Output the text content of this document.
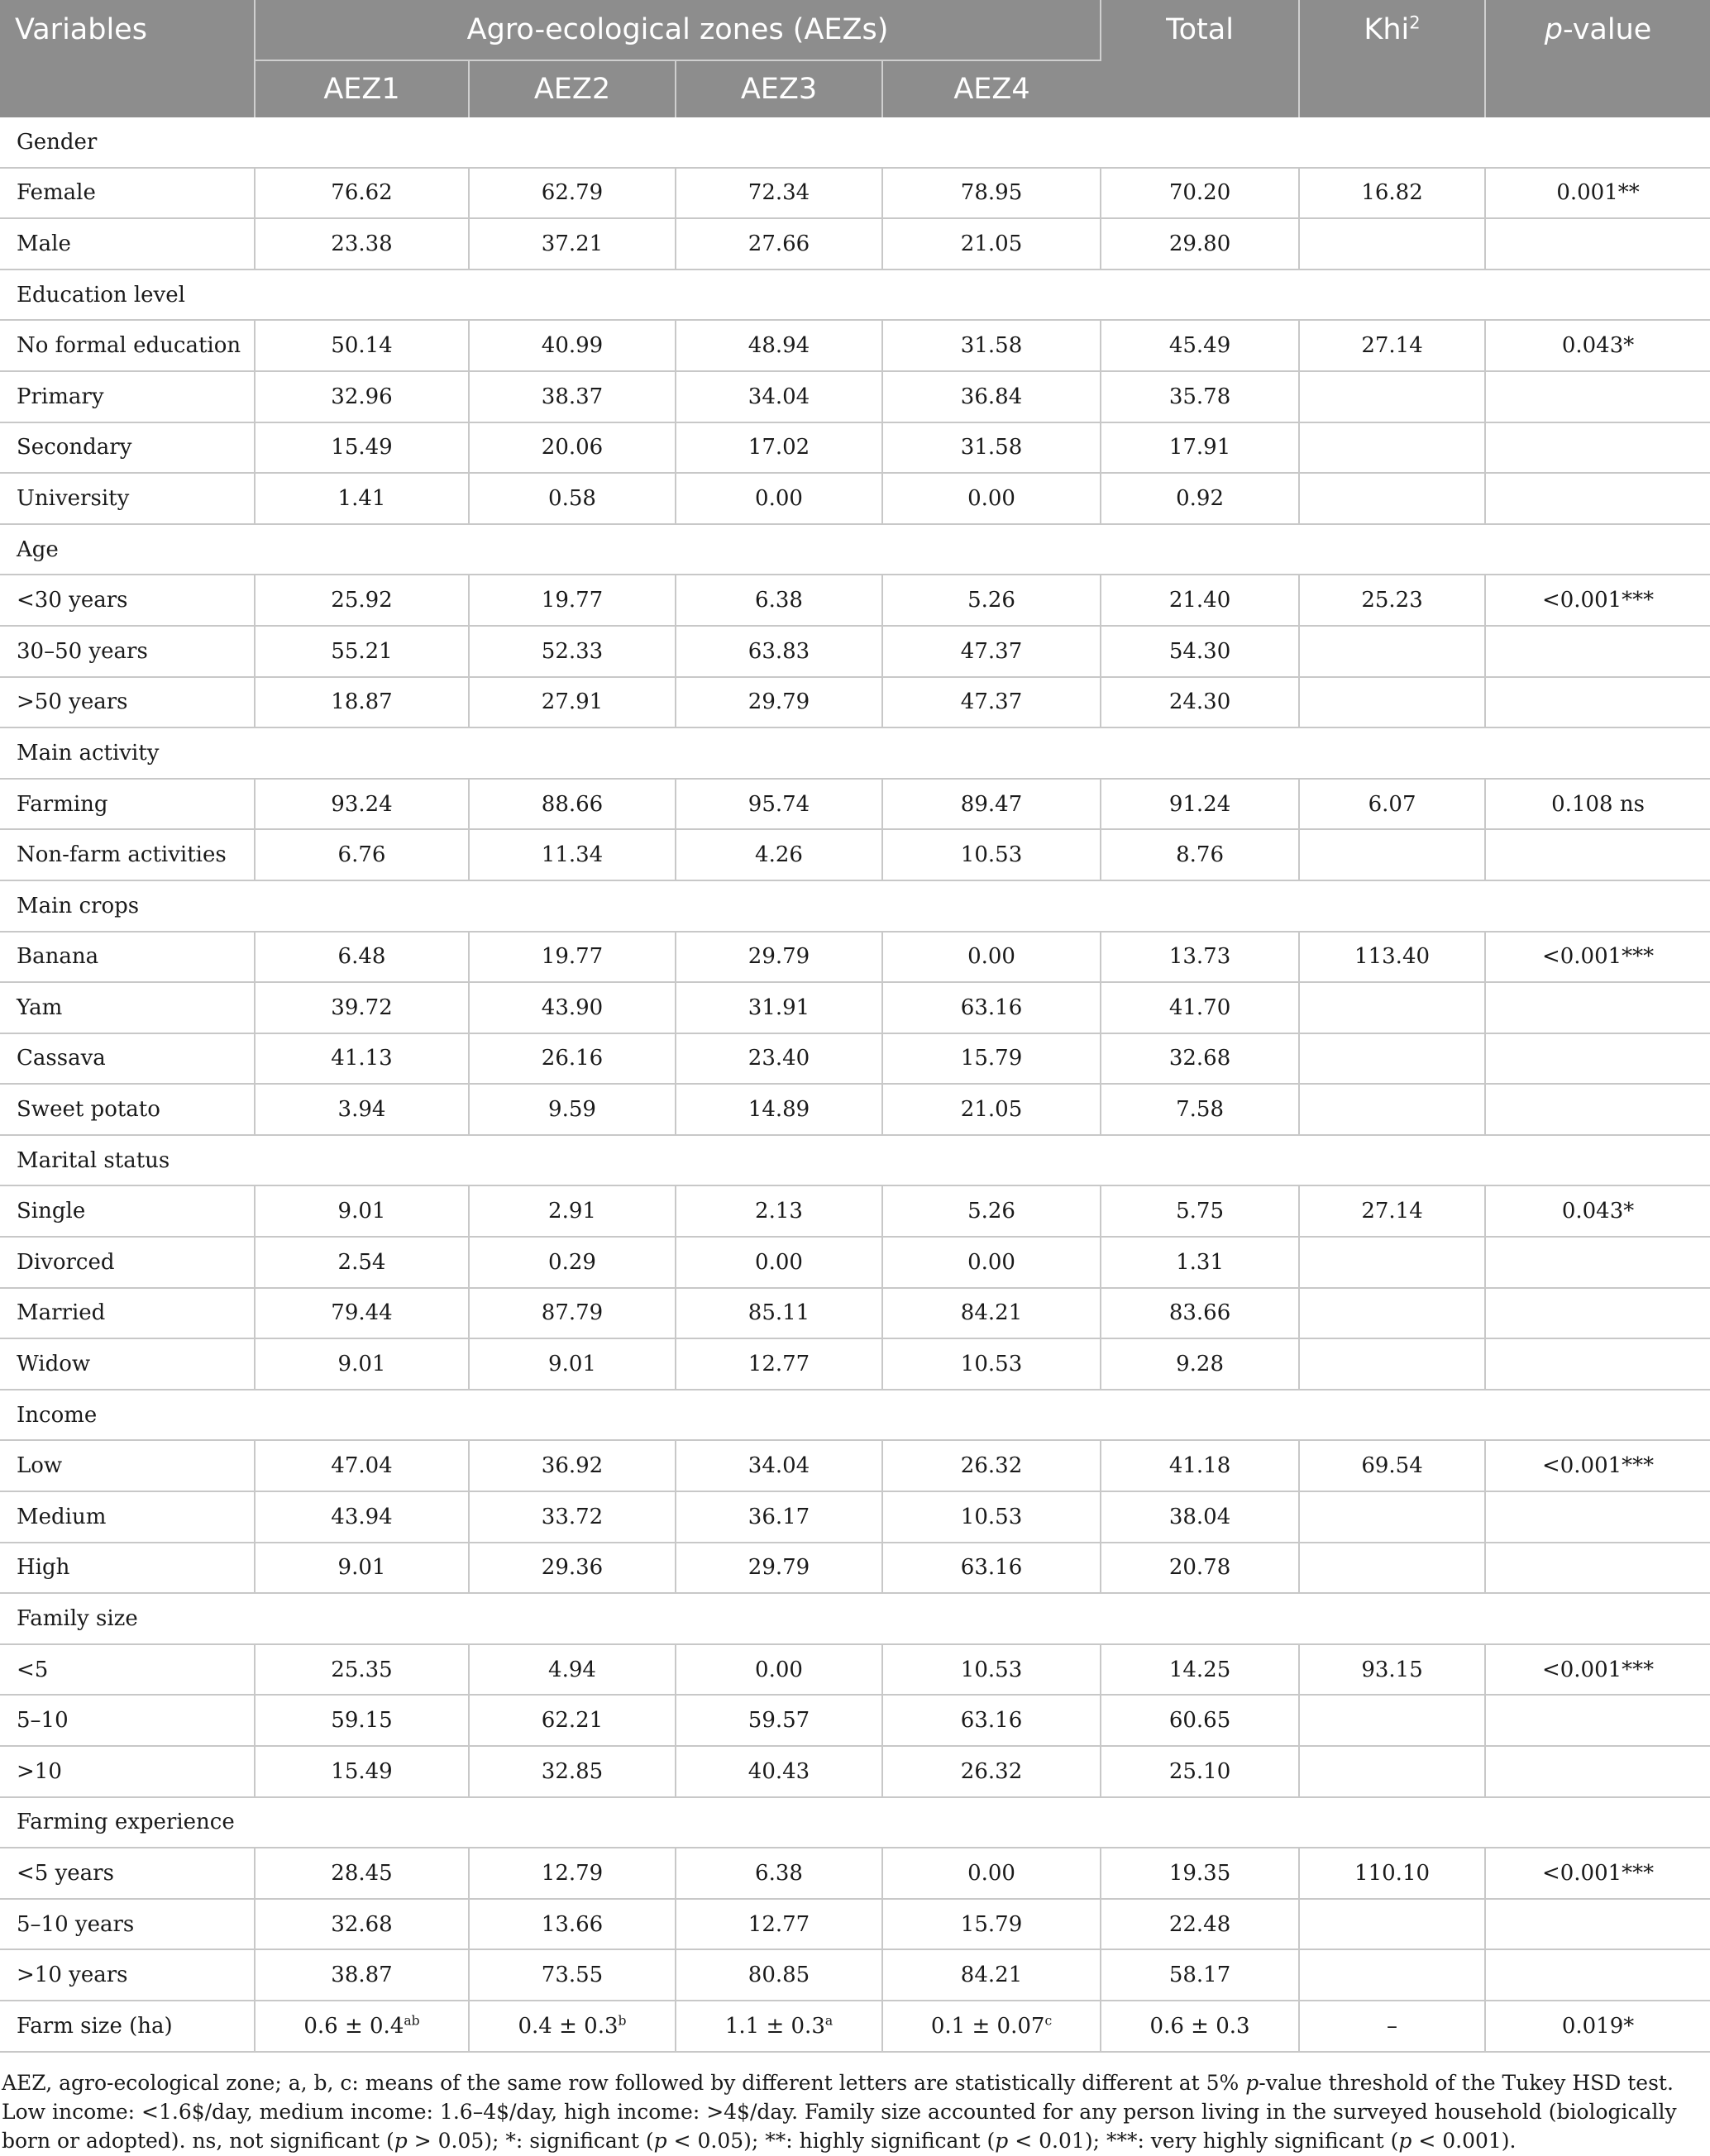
Variables	Agro-ecological zones (AEZs)				Total	Khi$^2$	p-value
	AEZ1	AEZ2	AEZ3	AEZ4			
Gender							
Female	76.62	62.79	72.34	78.95	70.20	16.82	0.001**
Male	23.38	37.21	27.66	21.05	29.80		
Education level							
No formal education	50.14	40.99	48.94	31.58	45.49	27.14	0.043*
Primary	32.96	38.37	34.04	36.84	35.78		
Secondary	15.49	20.06	17.02	31.58	17.91		
University	1.41	0.58	0.00	0.00	0.92		
Age							
<30 years	25.92	19.77	6.38	5.26	21.40	25.23	<0.001***
30–50 years	55.21	52.33	63.83	47.37	54.30		
>50 years	18.87	27.91	29.79	47.37	24.30		
Main activity							
Farming	93.24	88.66	95.74	89.47	91.24	6.07	0.108 ns
Non-farm activities	6.76	11.34	4.26	10.53	8.76		
Main crops							
Banana	6.48	19.77	29.79	0.00	13.73	113.40	<0.001***
Yam	39.72	43.90	31.91	63.16	41.70		
Cassava	41.13	26.16	23.40	15.79	32.68		
Sweet potato	3.94	9.59	14.89	21.05	7.58		
Marital status							
Single	9.01	2.91	2.13	5.26	5.75	27.14	0.043*
Divorced	2.54	0.29	0.00	0.00	1.31		
Married	79.44	87.79	85.11	84.21	83.66		
Widow	9.01	9.01	12.77	10.53	9.28		
Income							
Low	47.04	36.92	34.04	26.32	41.18	69.54	<0.001***
Medium	43.94	33.72	36.17	10.53	38.04		
High	9.01	29.36	29.79	63.16	20.78		
Family size							
<5	25.35	4.94	0.00	10.53	14.25	93.15	<0.001***
5–10	59.15	62.21	59.57	63.16	60.65		
>10	15.49	32.85	40.43	26.32	25.10		
Farming experience							
<5 years	28.45	12.79	6.38	0.00	19.35	110.10	<0.001***
5–10 years	32.68	13.66	12.77	15.79	22.48		
>10 years	38.87	73.55	80.85	84.21	58.17		
Farm size (ha)	0.6 ± 0.4$^{ab}$	0.4 ± 0.3$^b$	1.1 ± 0.3$^a$	0.1 ± 0.07$^c$	0.6 ± 0.3	–	0.019*

AEZ, agro-ecological zone; a, b, c: means of the same row followed by different letters are statistically different at 5% p-value threshold of the Tukey HSD test. Low income: <1.6$/day, medium income: 1.6–4$/day, high income: >4$/day. Family size accounted for any person living in the surveyed household (biologically born or adopted). ns, not significant (p > 0.05); *: significant (p < 0.05); **: highly significant (p < 0.01); ***: very highly significant (p < 0.001).
